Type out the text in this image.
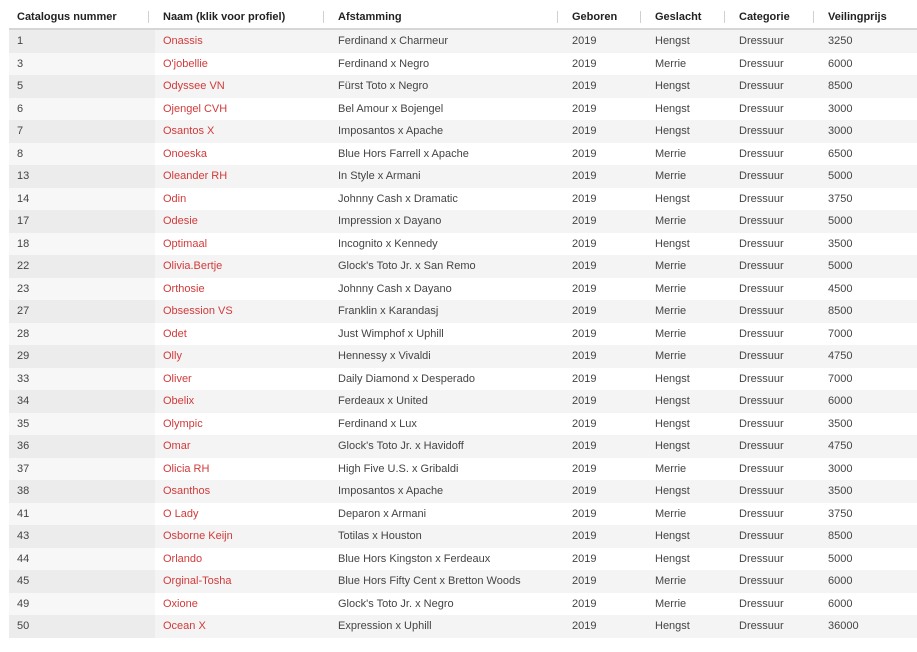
Catalogus nummer	Naam (klik voor profiel)	Afstamming	Geboren	Geslacht	Categorie	Veilingprijs
1	Onassis	Ferdinand x Charmeur	2019	Hengst	Dressuur	3250
3	O'jobellie	Ferdinand x Negro	2019	Merrie	Dressuur	6000
5	Odyssee VN	Fürst Toto x Negro	2019	Hengst	Dressuur	8500
6	Ojengel CVH	Bel Amour x Bojengel	2019	Hengst	Dressuur	3000
7	Osantos X	Imposantos x Apache	2019	Hengst	Dressuur	3000
8	Onoeska	Blue Hors Farrell x Apache	2019	Merrie	Dressuur	6500
13	Oleander RH	In Style x Armani	2019	Merrie	Dressuur	5000
14	Odin	Johnny Cash x Dramatic	2019	Hengst	Dressuur	3750
17	Odesie	Impression x Dayano	2019	Merrie	Dressuur	5000
18	Optimaal	Incognito x Kennedy	2019	Hengst	Dressuur	3500
22	Olivia.Bertje	Glock's Toto Jr. x San Remo	2019	Merrie	Dressuur	5000
23	Orthosie	Johnny Cash x Dayano	2019	Merrie	Dressuur	4500
27	Obsession VS	Franklin x Karandasj	2019	Merrie	Dressuur	8500
28	Odet	Just Wimphof x Uphill	2019	Merrie	Dressuur	7000
29	Olly	Hennessy x Vivaldi	2019	Merrie	Dressuur	4750
33	Oliver	Daily Diamond x Desperado	2019	Hengst	Dressuur	7000
34	Obelix	Ferdeaux x United	2019	Hengst	Dressuur	6000
35	Olympic	Ferdinand x Lux	2019	Hengst	Dressuur	3500
36	Omar	Glock's Toto Jr. x Havidoff	2019	Hengst	Dressuur	4750
37	Olicia RH	High Five U.S. x Gribaldi	2019	Merrie	Dressuur	3000
38	Osanthos	Imposantos x Apache	2019	Hengst	Dressuur	3500
41	O Lady	Deparon x Armani	2019	Merrie	Dressuur	3750
43	Osborne Keijn	Totilas x Houston	2019	Hengst	Dressuur	8500
44	Orlando	Blue Hors Kingston x Ferdeaux	2019	Hengst	Dressuur	5000
45	Orginal-Tosha	Blue Hors Fifty Cent x Bretton Woods	2019	Merrie	Dressuur	6000
49	Oxione	Glock's Toto Jr. x Negro	2019	Merrie	Dressuur	6000
50	Ocean X	Expression x Uphill	2019	Hengst	Dressuur	36000
